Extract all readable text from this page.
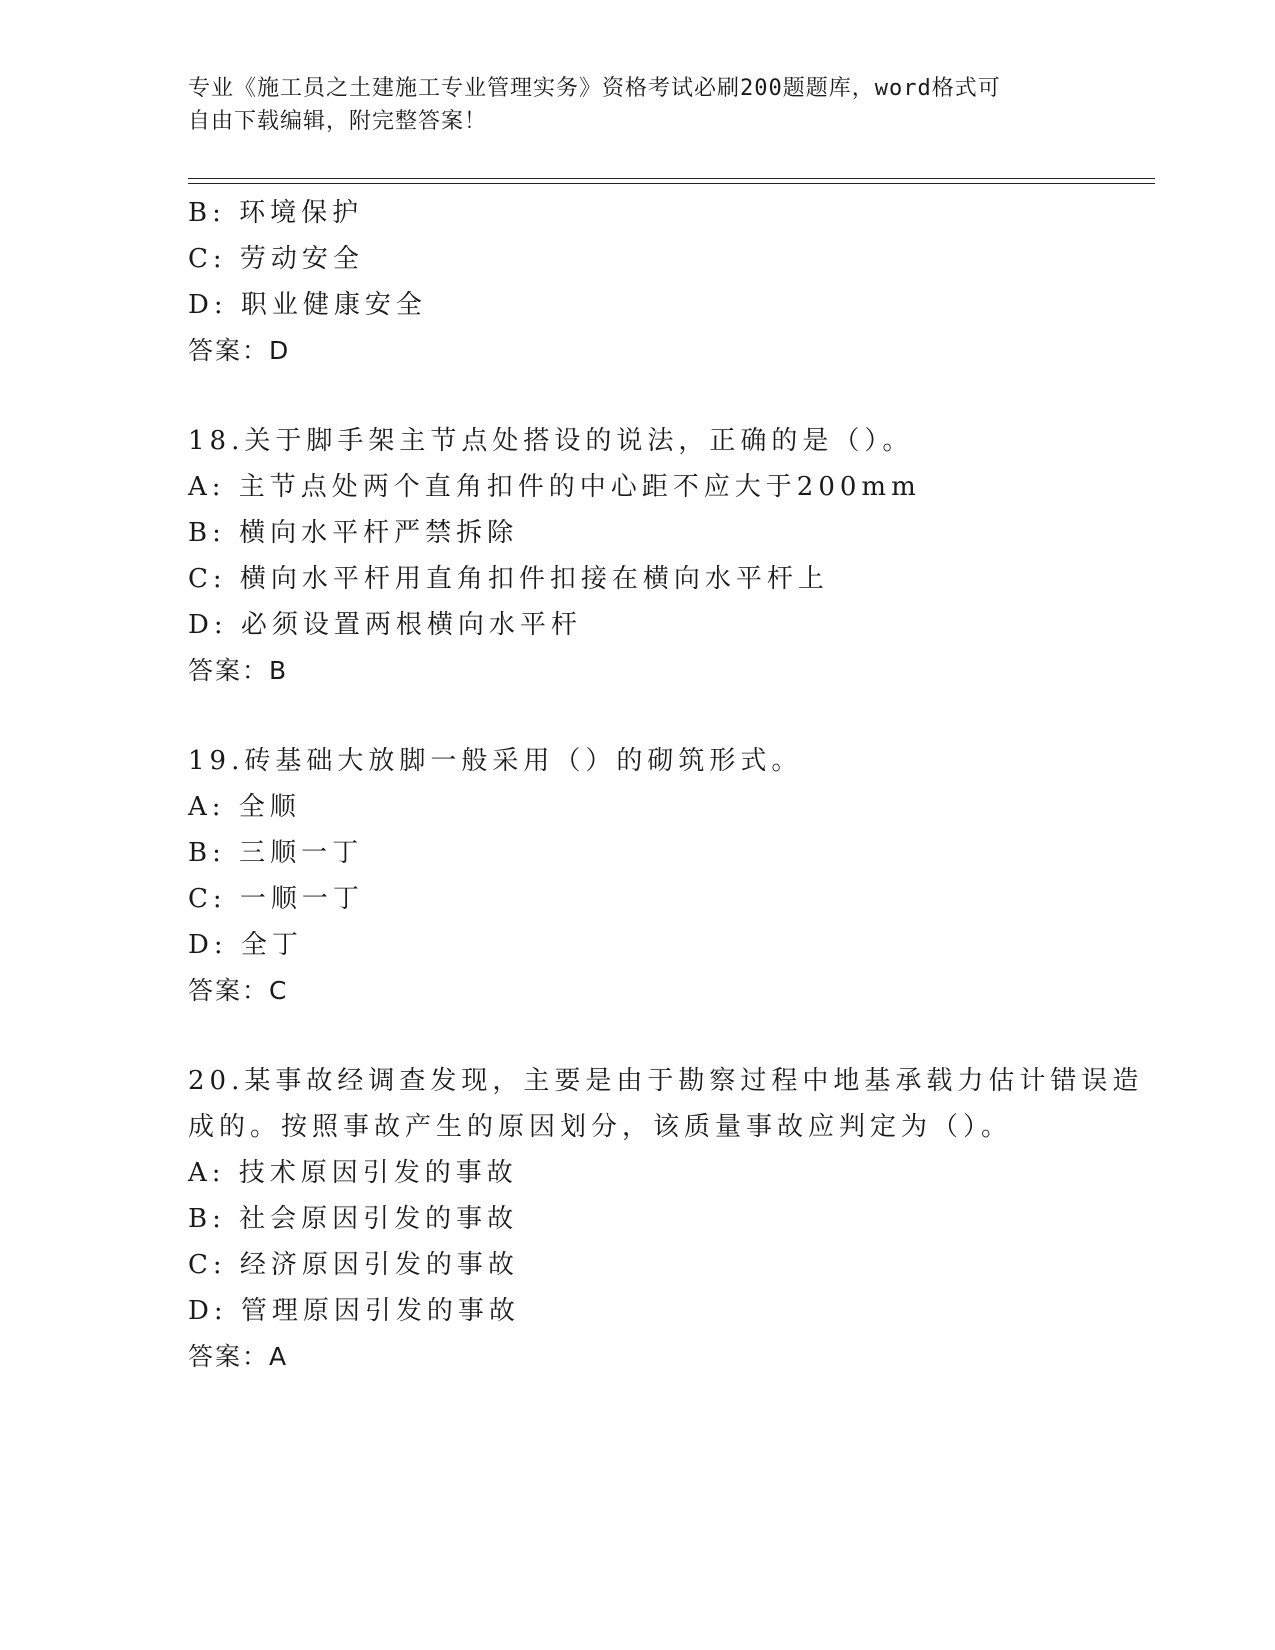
专业《施工员之土建施工专业管理实务》资格考试必刷200题题库，word格式可
自由下载编辑，附完整答案！
B: 环境保护
C: 劳动安全
D: 职业健康安全
答案：D
18.关于脚手架主节点处搭设的说法，正确的是（）。
A: 主节点处两个直角扣件的中心距不应大于200mm
B: 横向水平杆严禁拆除
C: 横向水平杆用直角扣件扣接在横向水平杆上
D: 必须设置两根横向水平杆
答案：B
19.砖基础大放脚一般采用（）的砌筑形式。
A: 全顺
B: 三顺一丁
C: 一顺一丁
D: 全丁
答案：C
20.某事故经调查发现，主要是由于勘察过程中地基承载力估计错误造
成的。按照事故产生的原因划分，该质量事故应判定为（）。
A: 技术原因引发的事故
B: 社会原因引发的事故
C: 经济原因引发的事故
D: 管理原因引发的事故
答案：A
